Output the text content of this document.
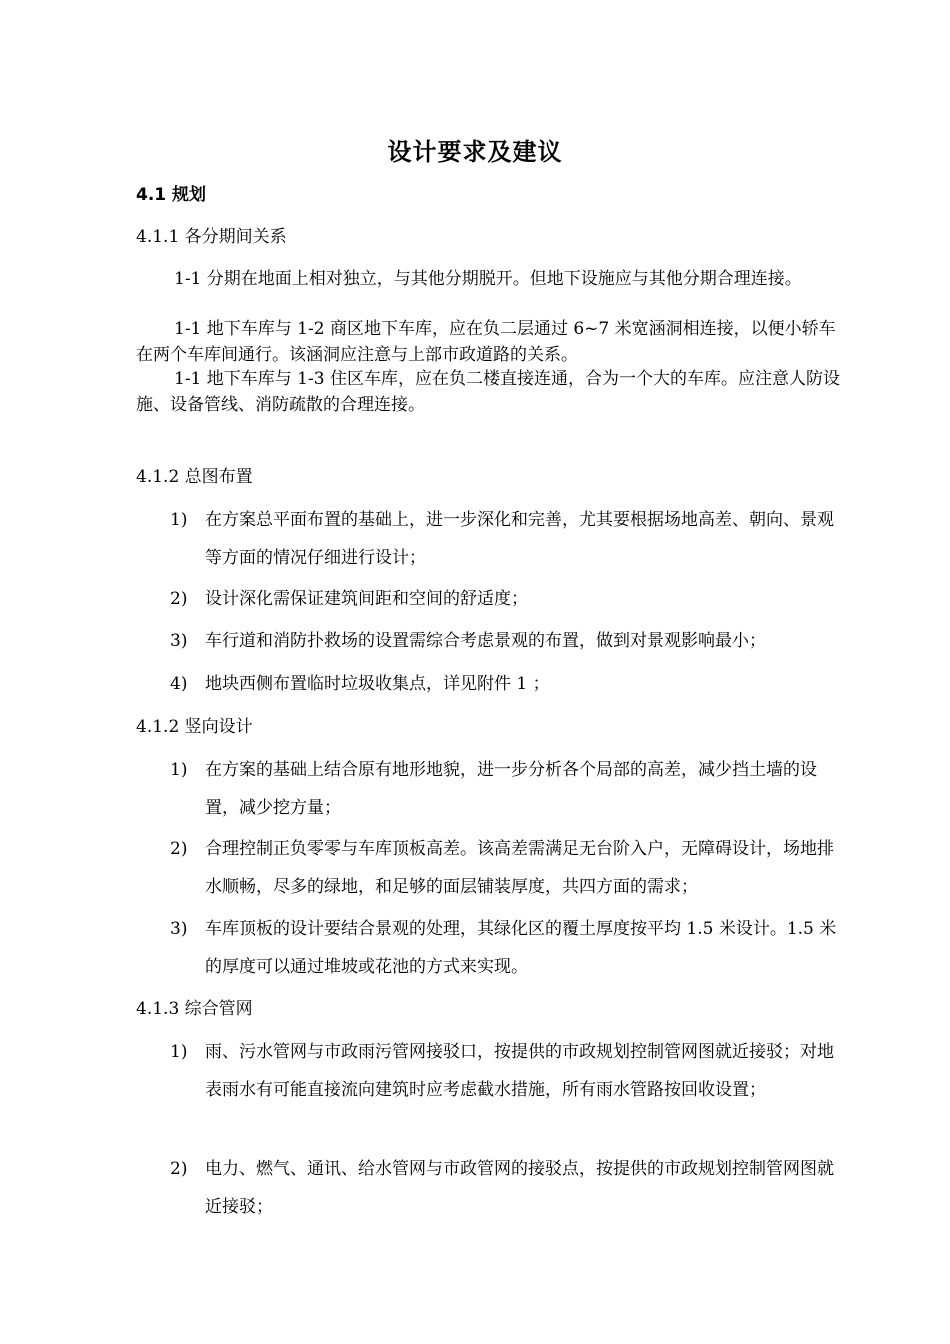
设计要求及建议
4.1 规划
4.1.1 各分期间关系
1-1 分期在地面上相对独立，与其他分期脱开。但地下设施应与其他分期合理连接。
1-1 地下车库与 1-2 商区地下车库，应在负二层通过 6~7 米宽涵洞相连接，以便小轿车在两个车库间通行。该涵洞应注意与上部市政道路的关系。
1-1 地下车库与 1-3 住区车库，应在负二楼直接连通，合为一个大的车库。应注意人防设施、设备管线、消防疏散的合理连接。
4.1.2 总图布置
1) 在方案总平面布置的基础上，进一步深化和完善，尤其要根据场地高差、朝向、景观等方面的情况仔细进行设计；
2) 设计深化需保证建筑间距和空间的舒适度；
3) 车行道和消防扑救场的设置需综合考虑景观的布置，做到对景观影响最小；
4) 地块西侧布置临时垃圾收集点，详见附件 1 ；
4.1.2 竖向设计
1) 在方案的基础上结合原有地形地貌，进一步分析各个局部的高差，减少挡土墙的设置，减少挖方量；
2) 合理控制正负零零与车库顶板高差。该高差需满足无台阶入户，无障碍设计，场地排水顺畅，尽多的绿地，和足够的面层铺装厚度，共四方面的需求；
3) 车库顶板的设计要结合景观的处理，其绿化区的覆土厚度按平均 1.5 米设计。1.5 米的厚度可以通过堆坡或花池的方式来实现。
4.1.3 综合管网
1) 雨、污水管网与市政雨污管网接驳口，按提供的市政规划控制管网图就近接驳；对地表雨水有可能直接流向建筑时应考虑截水措施，所有雨水管路按回收设置；
2) 电力、燃气、通讯、给水管网与市政管网的接驳点，按提供的市政规划控制管网图就近接驳；
